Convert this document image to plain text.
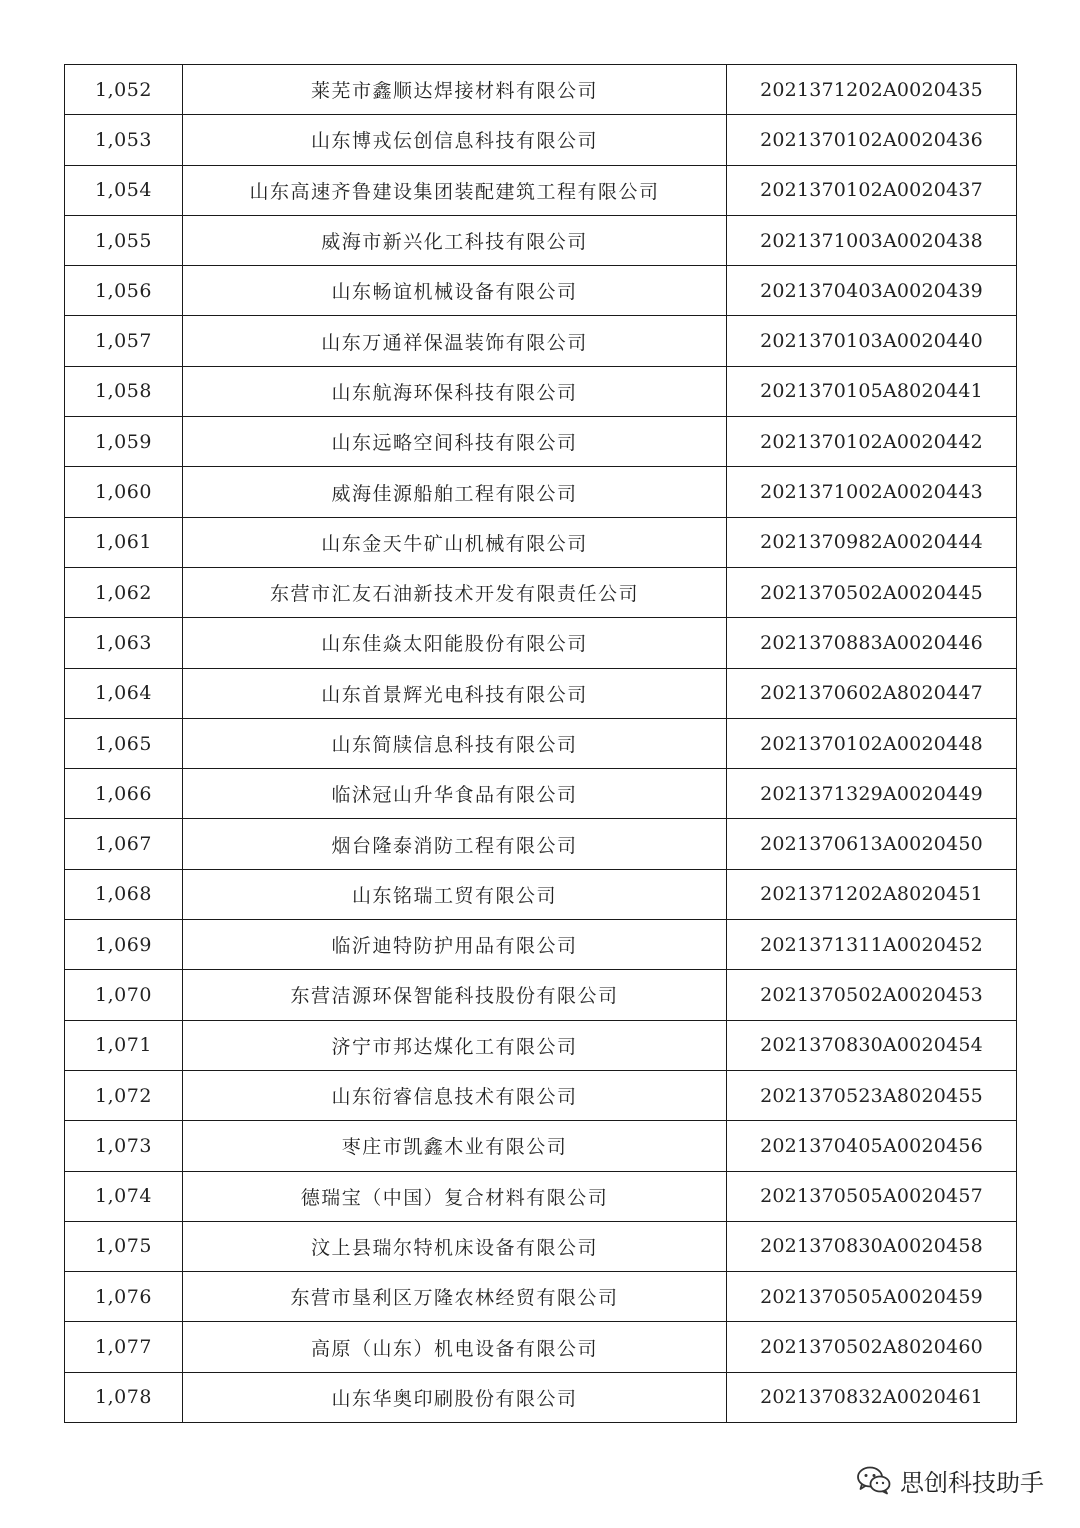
1,052	莱芜市鑫顺达焊接材料有限公司	2021371202A0020435
1,053	山东博戎伝创信息科技有限公司	2021370102A0020436
1,054	山东高速齐鲁建设集团装配建筑工程有限公司	2021370102A0020437
1,055	威海市新兴化工科技有限公司	2021371003A0020438
1,056	山东畅谊机械设备有限公司	2021370403A0020439
1,057	山东万通祥保温装饰有限公司	2021370103A0020440
1,058	山东航海环保科技有限公司	2021370105A8020441
1,059	山东远略空间科技有限公司	2021370102A0020442
1,060	威海佳源船舶工程有限公司	2021371002A0020443
1,061	山东金天牛矿山机械有限公司	2021370982A0020444
1,062	东营市汇友石油新技术开发有限责任公司	2021370502A0020445
1,063	山东佳焱太阳能股份有限公司	2021370883A0020446
1,064	山东首景辉光电科技有限公司	2021370602A8020447
1,065	山东简牍信息科技有限公司	2021370102A0020448
1,066	临沭冠山升华食品有限公司	2021371329A0020449
1,067	烟台隆泰消防工程有限公司	2021370613A0020450
1,068	山东铭瑞工贸有限公司	2021371202A8020451
1,069	临沂迪特防护用品有限公司	2021371311A0020452
1,070	东营洁源环保智能科技股份有限公司	2021370502A0020453
1,071	济宁市邦达煤化工有限公司	2021370830A0020454
1,072	山东衍睿信息技术有限公司	2021370523A8020455
1,073	枣庄市凯鑫木业有限公司	2021370405A0020456
1,074	德瑞宝（中国）复合材料有限公司	2021370505A0020457
1,075	汶上县瑞尔特机床设备有限公司	2021370830A0020458
1,076	东营市垦利区万隆农林经贸有限公司	2021370505A0020459
1,077	高原（山东）机电设备有限公司	2021370502A8020460
1,078	山东华奥印刷股份有限公司	2021370832A0020461
思创科技助手
